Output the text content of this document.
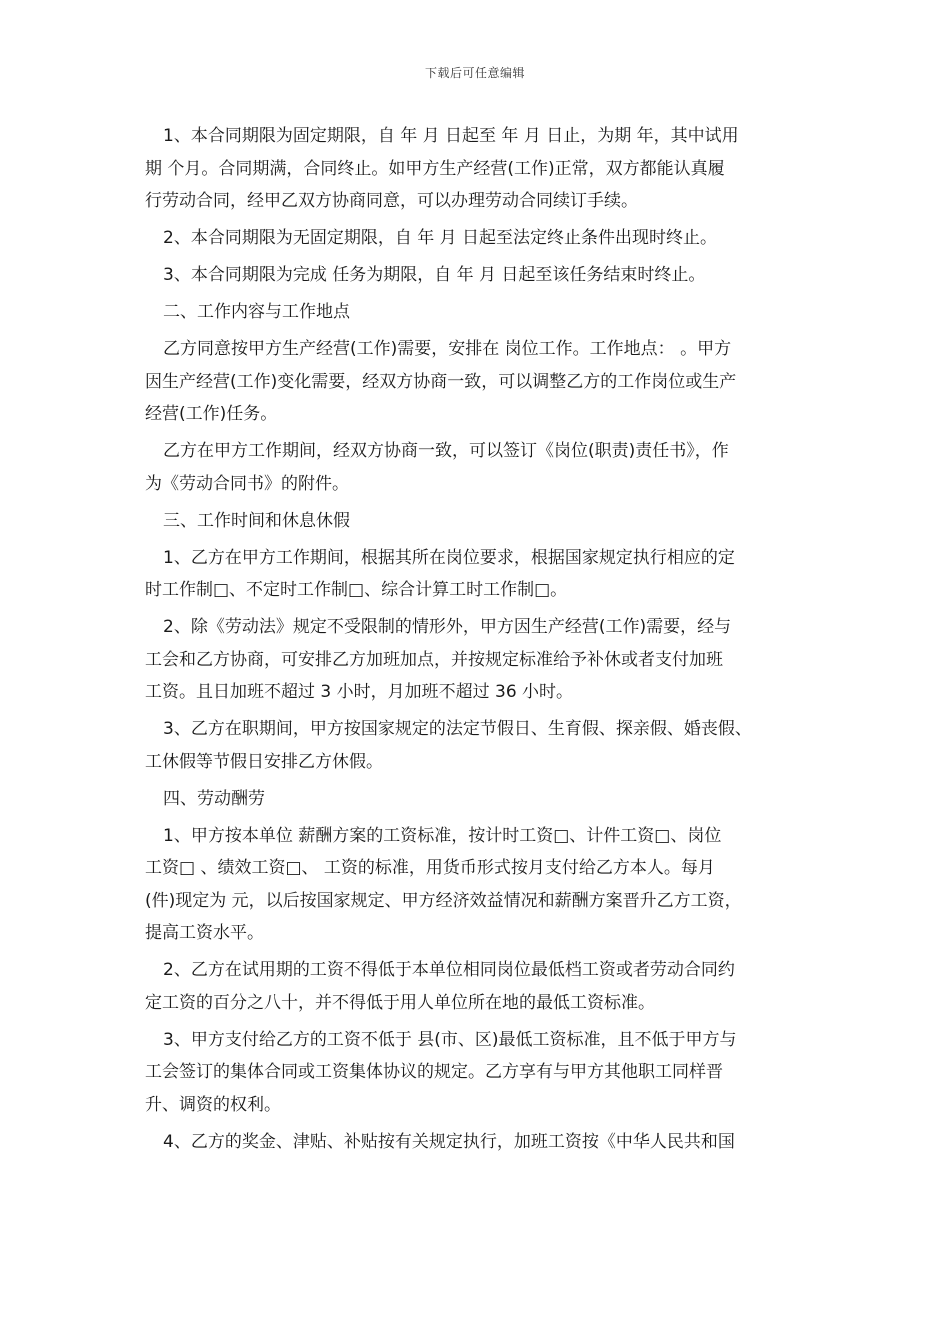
下载后可任意编辑
1、本合同期限为固定期限，自 年 月 日起至 年 月 日止，为期 年，其中试用
期 个月。合同期满，合同终止。如甲方生产经营(工作)正常，双方都能认真履
行劳动合同，经甲乙双方协商同意，可以办理劳动合同续订手续。
2、本合同期限为无固定期限，自 年 月 日起至法定终止条件出现时终止。
3、本合同期限为完成 任务为期限，自 年 月 日起至该任务结束时终止。
二、工作内容与工作地点
乙方同意按甲方生产经营(工作)需要，安排在 岗位工作。工作地点： 。甲方
因生产经营(工作)变化需要，经双方协商一致，可以调整乙方的工作岗位或生产
经营(工作)任务。
乙方在甲方工作期间，经双方协商一致，可以签订《岗位(职责)责任书》，作
为《劳动合同书》的附件。
三、工作时间和休息休假
1、乙方在甲方工作期间，根据其所在岗位要求，根据国家规定执行相应的定
时工作制□、不定时工作制□、综合计算工时工作制□。
2、除《劳动法》规定不受限制的情形外，甲方因生产经营(工作)需要，经与
工会和乙方协商，可安排乙方加班加点，并按规定标准给予补休或者支付加班
工资。且日加班不超过 3 小时，月加班不超过 36 小时。
3、乙方在职期间，甲方按国家规定的法定节假日、生育假、探亲假、婚丧假、
工休假等节假日安排乙方休假。
四、劳动酬劳
1、甲方按本单位 薪酬方案的工资标准，按计时工资□、计件工资□、岗位
工资□ 、绩效工资□、 工资的标准，用货币形式按月支付给乙方本人。每月
(件)现定为 元，以后按国家规定、甲方经济效益情况和薪酬方案晋升乙方工资，
提高工资水平。
2、乙方在试用期的工资不得低于本单位相同岗位最低档工资或者劳动合同约
定工资的百分之八十，并不得低于用人单位所在地的最低工资标准。
3、甲方支付给乙方的工资不低于 县(市、区)最低工资标准，且不低于甲方与
工会签订的集体合同或工资集体协议的规定。乙方享有与甲方其他职工同样晋
升、调资的权利。
4、乙方的奖金、津贴、补贴按有关规定执行，加班工资按《中华人民共和国
